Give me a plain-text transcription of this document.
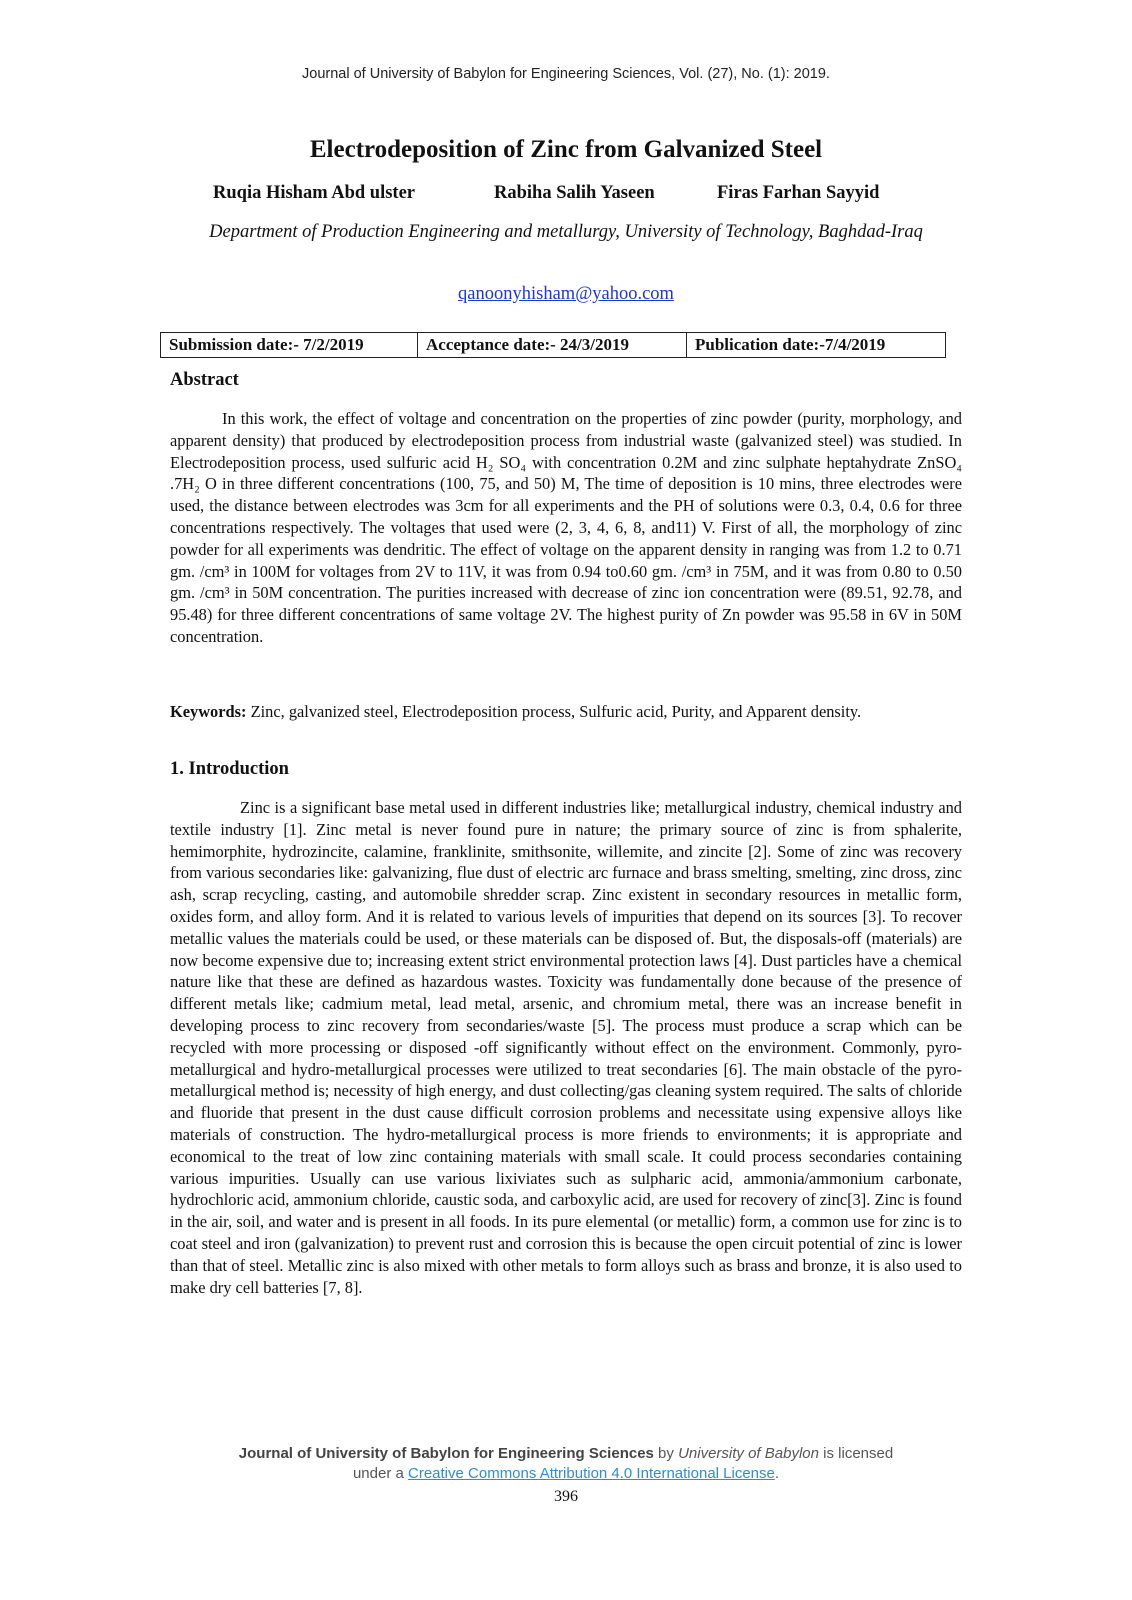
Journal of University of Babylon for Engineering Sciences, Vol. (27), No. (1): 2019.
Electrodeposition of Zinc from Galvanized Steel
Ruqia Hisham Abd ulster	Rabiha Salih Yaseen	Firas Farhan Sayyid
Department of Production Engineering and metallurgy, University of Technology, Baghdad-Iraq
qanoonyhisham@yahoo.com
Submission date:- 7/2/2019	Acceptance date:- 24/3/2019	Publication date:-7/4/2019
Abstract
In this work, the effect of voltage and concentration on the properties of zinc powder (purity, morphology, and apparent density) that produced by electrodeposition process from industrial waste (galvanized steel) was studied. In Electrodeposition process, used sulfuric acid H₂ SO₄ with concentration 0.2M and zinc sulphate heptahydrate ZnSO₄ .7H₂ O in three different concentrations (100, 75, and 50) M, The time of deposition is 10 mins, three electrodes were used, the distance between electrodes was 3cm for all experiments and the PH of solutions were 0.3, 0.4, 0.6 for three concentrations respectively. The voltages that used were (2, 3, 4, 6, 8, and11) V. First of all, the morphology of zinc powder for all experiments was dendritic. The effect of voltage on the apparent density in ranging was from 1.2 to 0.71 gm. /cm³ in 100M for voltages from 2V to 11V, it was from 0.94 to0.60 gm. /cm³ in 75M, and it was from 0.80 to 0.50 gm. /cm³ in 50M concentration. The purities increased with decrease of zinc ion concentration were (89.51, 92.78, and 95.48) for three different concentrations of same voltage 2V. The highest purity of Zn powder was 95.58 in 6V in 50M concentration.
Keywords: Zinc, galvanized steel, Electrodeposition process, Sulfuric acid, Purity, and Apparent density.
1. Introduction
Zinc is a significant base metal used in different industries like; metallurgical industry, chemical industry and textile industry [1]. Zinc metal is never found pure in nature; the primary source of zinc is from sphalerite, hemimorphite, hydrozincite, calamine, franklinite, smithsonite, willemite, and zincite [2]. Some of zinc was recovery from various secondaries like: galvanizing, flue dust of electric arc furnace and brass smelting, smelting, zinc dross, zinc ash, scrap recycling, casting, and automobile shredder scrap. Zinc existent in secondary resources in metallic form, oxides form, and alloy form. And it is related to various levels of impurities that depend on its sources [3]. To recover metallic values the materials could be used, or these materials can be disposed of. But, the disposals-off (materials) are now become expensive due to; increasing extent strict environmental protection laws [4]. Dust particles have a chemical nature like that these are defined as hazardous wastes. Toxicity was fundamentally done because of the presence of different metals like; cadmium metal, lead metal, arsenic, and chromium metal, there was an increase benefit in developing process to zinc recovery from secondaries/waste [5]. The process must produce a scrap which can be recycled with more processing or disposed -off significantly without effect on the environment. Commonly, pyro-metallurgical and hydro-metallurgical processes were utilized to treat secondaries [6]. The main obstacle of the pyro-metallurgical method is; necessity of high energy, and dust collecting/gas cleaning system required. The salts of chloride and fluoride that present in the dust cause difficult corrosion problems and necessitate using expensive alloys like materials of construction. The hydro-metallurgical process is more friends to environments; it is appropriate and economical to the treat of low zinc containing materials with small scale. It could process secondaries containing various impurities. Usually can use various lixiviates such as sulpharic acid, ammonia/ammonium carbonate, hydrochloric acid, ammonium chloride, caustic soda, and carboxylic acid, are used for recovery of zinc[3]. Zinc is found in the air, soil, and water and is present in all foods. In its pure elemental (or metallic) form, a common use for zinc is to coat steel and iron (galvanization) to prevent rust and corrosion this is because the open circuit potential of zinc is lower than that of steel. Metallic zinc is also mixed with other metals to form alloys such as brass and bronze, it is also used to make dry cell batteries [7, 8].
Journal of University of Babylon for Engineering Sciences by University of Babylon is licensed
under a Creative Commons Attribution 4.0 International License.
396
